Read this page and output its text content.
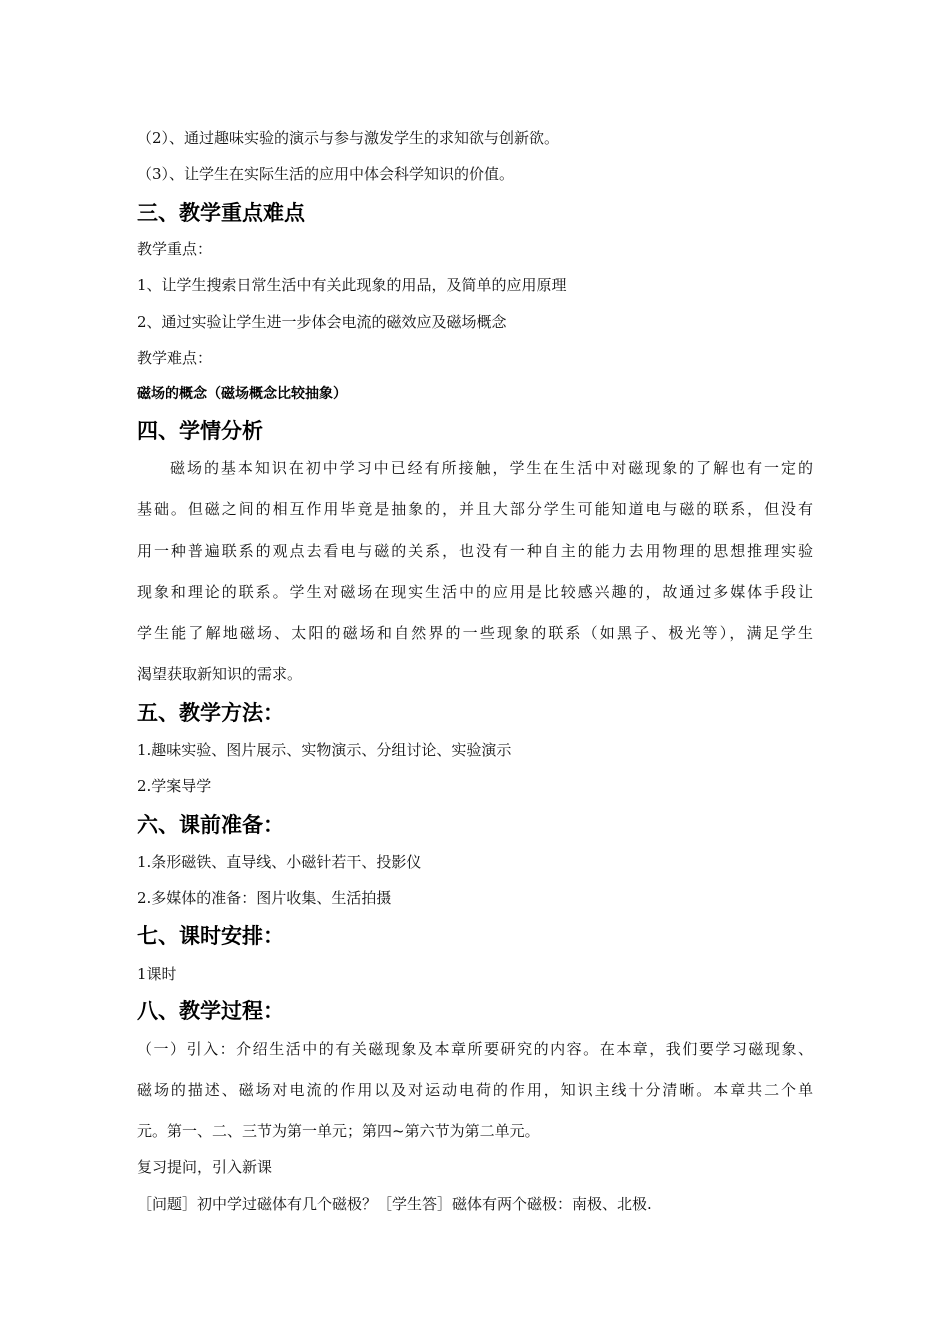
（2）、通过趣味实验的演示与参与激发学生的求知欲与创新欲。
（3）、让学生在实际生活的应用中体会科学知识的价值。
三、教学重点难点
教学重点：
1、让学生搜索日常生活中有关此现象的用品，及简单的应用原理
2、通过实验让学生进一步体会电流的磁效应及磁场概念
教学难点：
磁场的概念（磁场概念比较抽象）
四、学情分析
磁场的基本知识在初中学习中已经有所接触，学生在生活中对磁现象的了解也有一定的
基础。但磁之间的相互作用毕竟是抽象的，并且大部分学生可能知道电与磁的联系，但没有
用一种普遍联系的观点去看电与磁的关系，也没有一种自主的能力去用物理的思想推理实验
现象和理论的联系。学生对磁场在现实生活中的应用是比较感兴趣的，故通过多媒体手段让
学生能了解地磁场、太阳的磁场和自然界的一些现象的联系（如黑子、极光等），满足学生
渴望获取新知识的需求。
五、教学方法：
1.趣味实验、图片展示、实物演示、分组讨论、实验演示
2.学案导学
六、课前准备：
1.条形磁铁、直导线、小磁针若干、投影仪
2.多媒体的准备：图片收集、生活拍摄
七、课时安排：
1课时
八、教学过程：
（一）引入：介绍生活中的有关磁现象及本章所要研究的内容。在本章，我们要学习磁现象、
磁场的描述、磁场对电流的作用以及对运动电荷的作用，知识主线十分清晰。本章共二个单
元。第一、二、三节为第一单元；第四~第六节为第二单元。
复习提问，引入新课
［问题］初中学过磁体有几个磁极？［学生答］磁体有两个磁极：南极、北极.
